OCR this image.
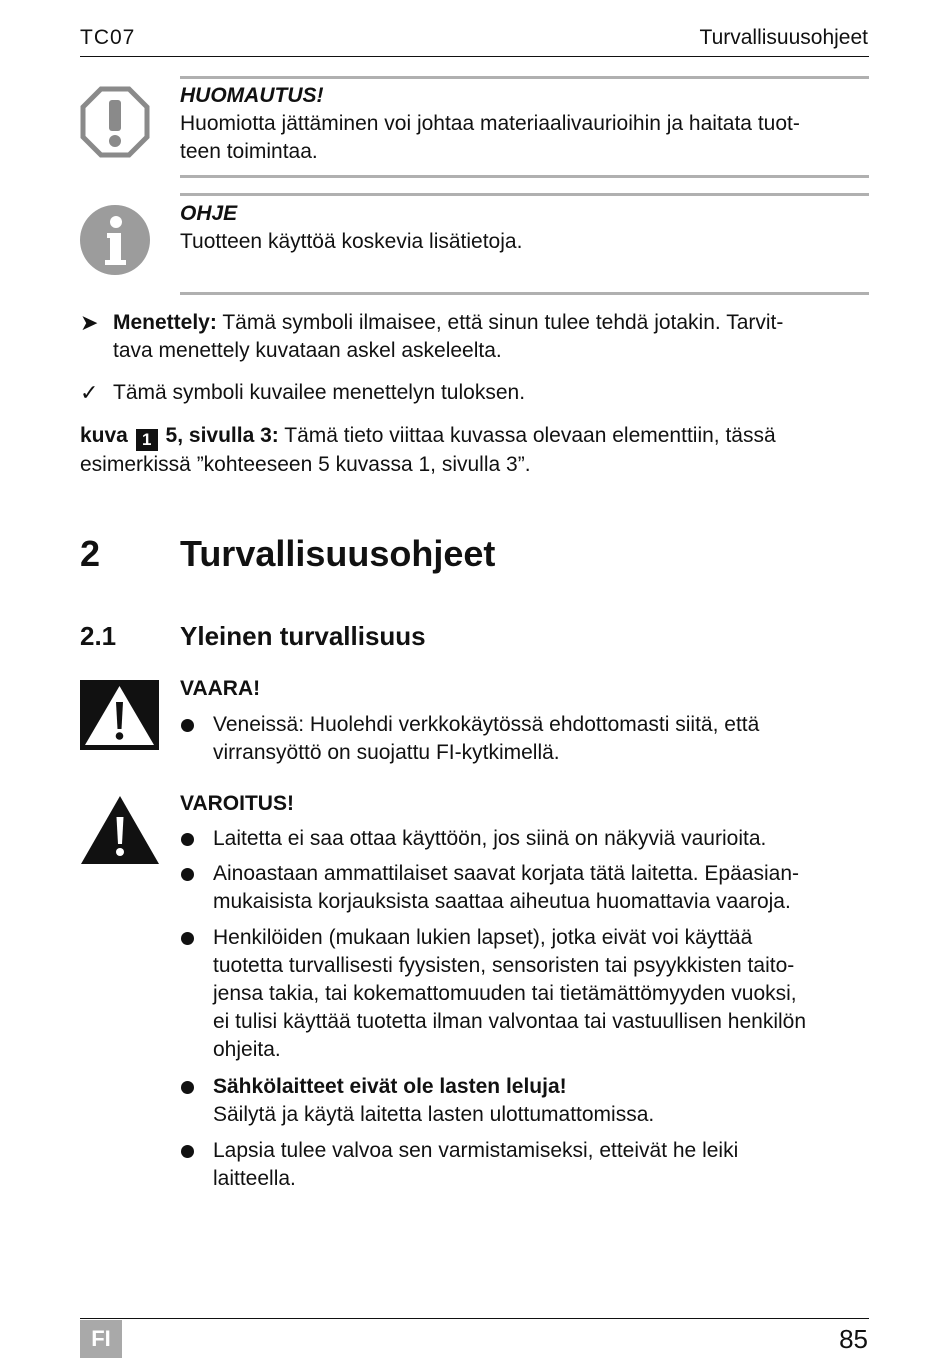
TC07	Turvallisuusohjeet
HUOMAUTUS!
Huomiotta jättäminen voi johtaa materiaalivaurioihin ja haitata tuot-
teen toimintaa.
OHJE
Tuotteen käyttöä koskevia lisätietoja.
➤ Menettely: Tämä symboli ilmaisee, että sinun tulee tehdä jotakin. Tarvit-
tava menettely kuvataan askel askeleelta.
✓ Tämä symboli kuvailee menettelyn tuloksen.
kuva 1 5, sivulla 3: Tämä tieto viittaa kuvassa olevaan elementtiin, tässä
esimerkissä ”kohteeseen 5 kuvassa 1, sivulla 3”.
2 Turvallisuusohjeet
2.1 Yleinen turvallisuus
VAARA!
Veneissä: Huolehdi verkkokäytössä ehdottomasti siitä, että
virransyöttö on suojattu FI-kytkimellä.
VAROITUS!
Laitetta ei saa ottaa käyttöön, jos siinä on näkyviä vaurioita.
Ainoastaan ammattilaiset saavat korjata tätä laitetta. Epäasian-
mukaisista korjauksista saattaa aiheutua huomattavia vaaroja.
Henkilöiden (mukaan lukien lapset), jotka eivät voi käyttää
tuotetta turvallisesti fyysisten, sensoristen tai psyykkisten taito-
jensa takia, tai kokemattomuuden tai tietämättömyyden vuoksi,
ei tulisi käyttää tuotetta ilman valvontaa tai vastuullisen henkilön
ohjeita.
Sähkölaitteet eivät ole lasten leluja!
Säilytä ja käytä laitetta lasten ulottumattomissa.
Lapsia tulee valvoa sen varmistamiseksi, etteivät he leiki
laitteella.
FI	85
